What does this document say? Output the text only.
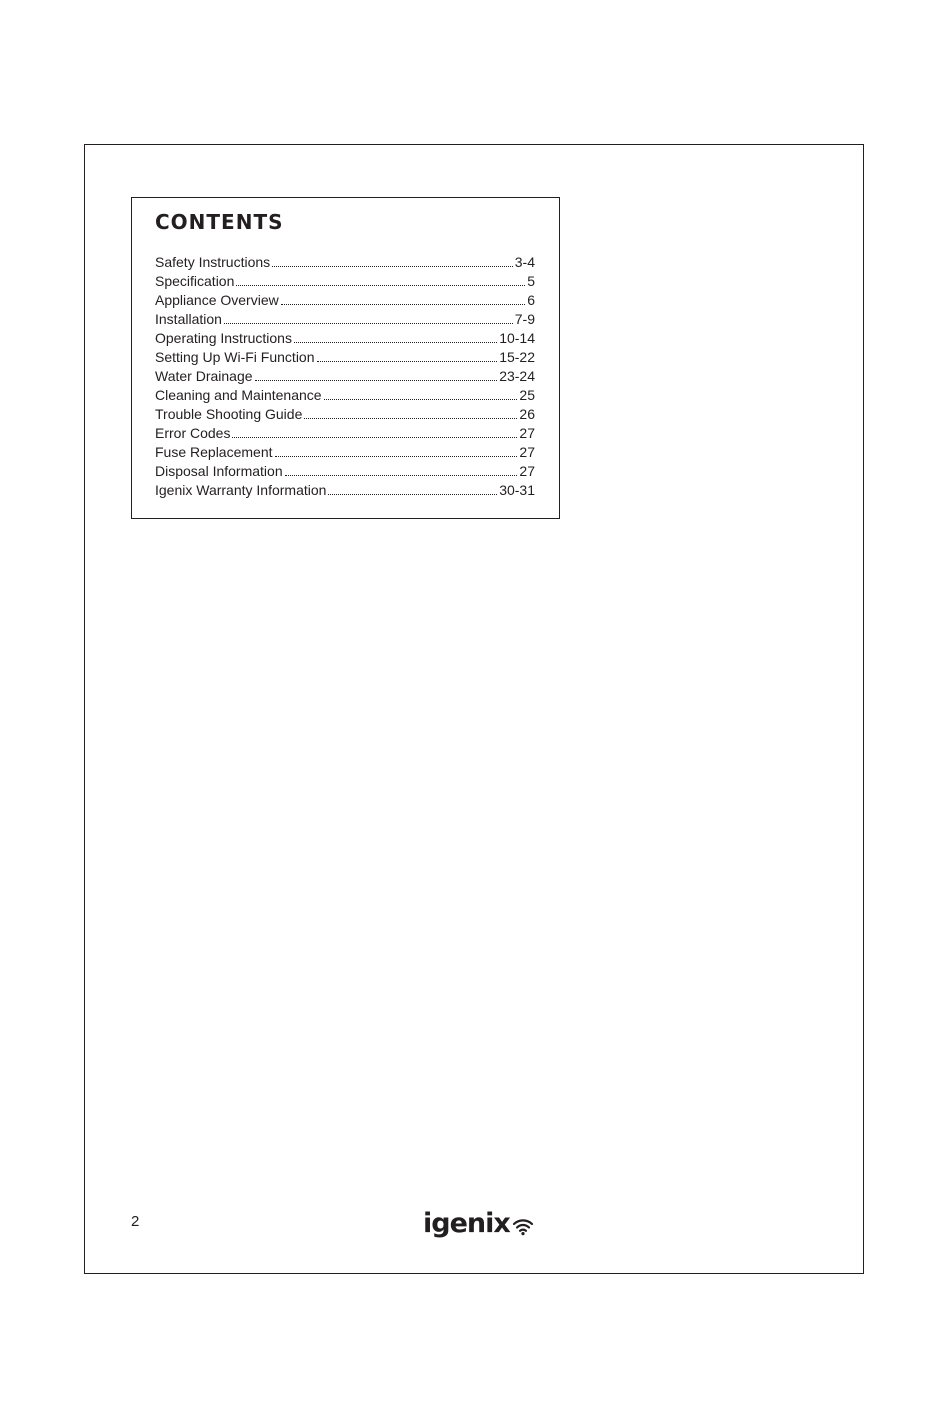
CONTENTS
Safety Instructions	3-4
Specification	5
Appliance Overview	6
Installation	7-9
Operating Instructions	10-14
Setting Up Wi-Fi Function	15-22
Water Drainage	23-24
Cleaning and Maintenance	25
Trouble Shooting Guide	26
Error Codes	27
Fuse Replacement	27
Disposal Information	27
Igenix Warranty Information	30-31
2	igenix
